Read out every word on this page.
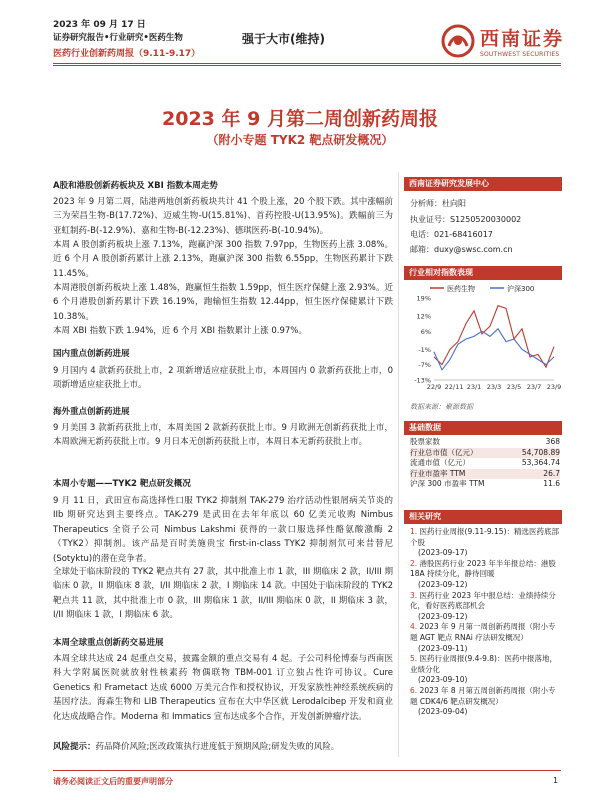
2023 年 09 月 17 日
证券研究报告•行业研究•医药生物
医药行业创新药周报（9.11-9.17）
强于大市(维持)	西南证券
SOUTHWEST SECURITIES
2023 年 9 月第二周创新药周报
（附小专题 TYK2 靶点研发概况）
A股和港股创新药板块及 XBI 指数本周走势
2023 年 9 月第二周，陆港两地创新药板块共计 41 个股上涨，20 个股下跌。其中涨幅前三为荣昌生物-B(17.72%)、迈威生物-U(15.81%)、首药控股-U(13.95%)。跌幅前三为亚虹制药-B(-12.9%)、嘉和生物-B(-12.23%)、德琪医药-B(-10.94%)。
本周 A 股创新药板块上涨 7.13%，跑赢沪深 300 指数 7.97pp，生物医药上涨 3.08%。近 6 个月 A 股创新药累计上涨 2.13%，跑赢沪深 300 指数 6.55pp，生物医药累计下跌 11.45%。
本周港股创新药板块上涨 1.48%，跑赢恒生指数 1.59pp，恒生医疗保健上涨 2.93%。近 6 个月港股创新药累计下跌 16.19%，跑输恒生指数 12.44pp，恒生医疗保健累计下跌 10.38%。
本周 XBI 指数下跌 1.94%，近 6 个月 XBI 指数累计上涨 0.97%。
国内重点创新药进展
9 月国内 4 款新药获批上市，2 项新增适应症获批上市，本周国内 0 款新药获批上市，0 项新增适应症获批上市。
海外重点创新药进展
9 月美国 3 款新药获批上市，本周美国 2 款新药获批上市。9 月欧洲无创新药获批上市，本周欧洲无新药获批上市。9 月日本无创新药获批上市，本周日本无新药获批上市。
本周小专题——TYK2 靶点研发概况
9 月 11 日，武田宣布高选择性口服 TYK2 抑制剂 TAK-279 治疗活动性银屑病关节炎的 IIb 期研究达到主要终点。TAK-279 是武田在去年年底以 60 亿美元收购 Nimbus Therapeutics 全资子公司 Nimbus Lakshmi 获得的一款口服选择性酪氨酸激酶 2（TYK2）抑制剂。该产品是百时美施贵宝 first-in-class TYK2 抑制剂氘可来昔替尼(Sotyktu)的潜在竞争者。
全球处于临床阶段的 TYK2 靶点共有 27 款，其中批准上市 1 款，III 期临床 2 款，II/III 期临床 0 款，II 期临床 8 款，I/II 期临床 2 款，I 期临床 14 款。中国处于临床阶段的 TYK2 靶点共 11 款，其中批准上市 0 款，III 期临床 1 款，II/III 期临床 0 款，II 期临床 3 款，I/II 期临床 1 款，I 期临床 6 款。
本周全球重点创新药交易进展
本周全球共达成 24 起重点交易，披露金额的重点交易有 4 起。子公司科伦博泰与西南医科大学附属医院就放射性核素药 物偶联物 TBM-001 订立独占性许可协议。Cure Genetics 和 Frametact 达成 6000 万美元合作和授权协议，开发家族性神经系统疾病的基因疗法。海森生物和 LIB Therapeutics 宣布在大中华区就 Lerodalcibep 开发和商业化达成战略合作。Moderna 和 Immatics 宣布达成多个合作，开发创新肿瘤疗法。
风险提示：药品降价风险;医改政策执行进度低于预期风险;研发失败的风险。
西南证券研究发展中心
分析师：杜向阳
执业证号：S1250520030002
电话：021-68416017
邮箱：duxy@swsc.com.cn
行业相对指数表现
医药生物	沪深300
19%
12%
6%
-1%
-7%
-13%
22/9 22/11 23/1 23/3 23/5 23/7 23/9
数据来源：聚源数据
基础数据
股票家数	368
行业总市值（亿元）	54,708.89
流通市值（亿元）	53,364.74
行业市盈率 TTM	26.7
沪深 300 市盈率 TTM	11.6
相关研究
1. 医药行业周报(9.11-9.15)：精选医药底部个股
(2023-09-17)
2. 港股医药行业 2023 年半年报总结：港股 18A 持续分化，静待回暖
(2023-09-12)
3. 医药行业 2023 年中报总结：业绩持续分化，看好医药底部机会
(2023-09-12)
4. 2023 年 9 月第一周创新药周报（附小专题 AGT 靶点 RNAi 疗法研发概况）
(2023-09-11)
5. 医药行业周报(9.4-9.8)：医药中报落地，业绩分化
(2023-09-10)
6. 2023 年 8 月第五周创新药周报（附小专题 CDK4/6 靶点研发概况）
(2023-09-04)
请务必阅读正文后的重要声明部分	1
